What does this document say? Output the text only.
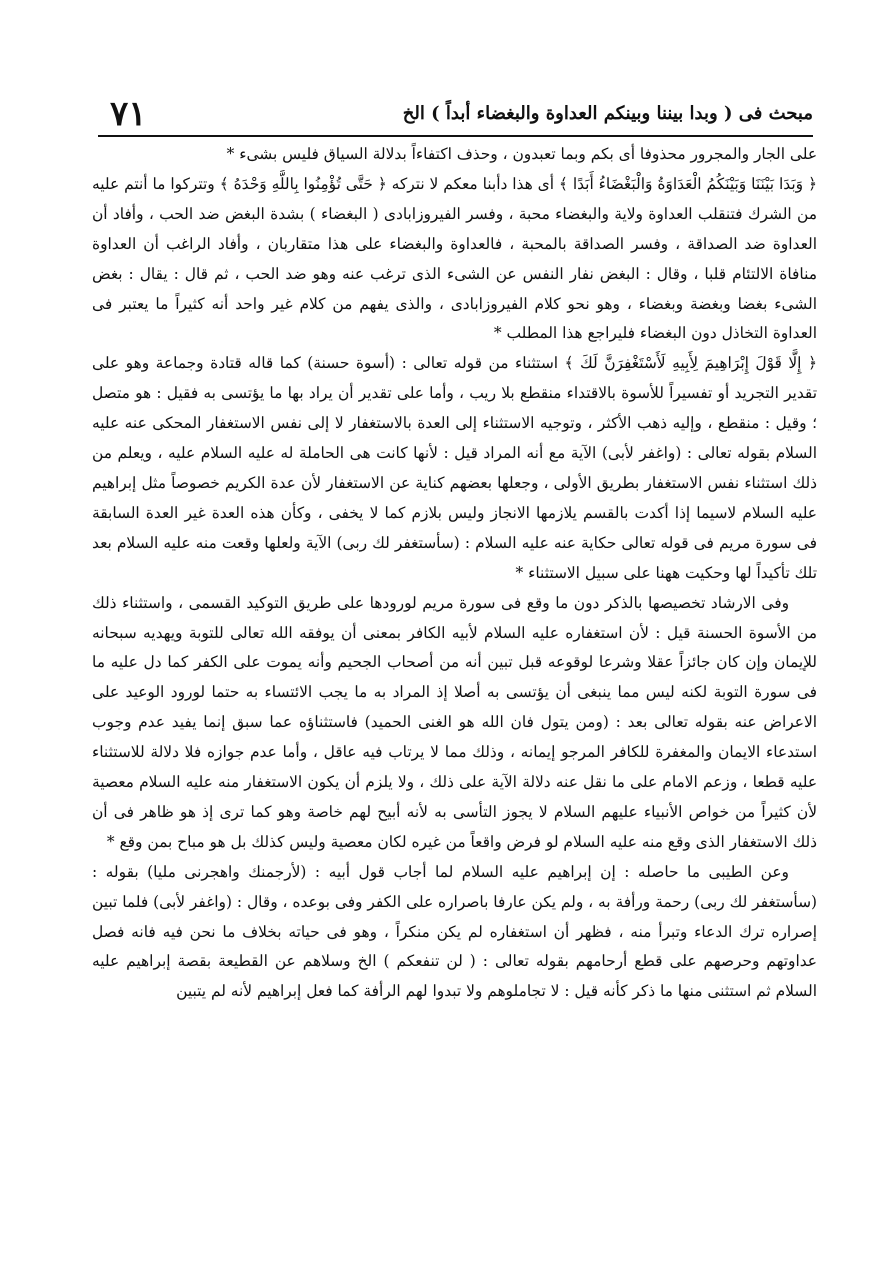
٧١	مبحث فى ( وبدا بيننا وبينكم العداوة والبغضاء أبداً ) الخ

على الجار والمجرور محذوفا أى بكم وبما تعبدون ، وحذف اكتفاءاً بدلالة السياق فليس بشىء *

﴿ وَبَدَا بَيْنَنَا وَبَيْنَكُمُ الْعَدَاوَةُ وَالْبَغْضَاءُ أَبَدًا ﴾ أى هذا دأبنا معكم لا نتركه ﴿ حَتَّى تُؤْمِنُوا بِاللَّهِ وَحْدَهُ ﴾ وتتركوا ما أنتم عليه من الشرك فتنقلب العداوة ولاية والبغضاء محبة ، وفسر الفيروزابادى ( البغضاء ) بشدة البغض ضد الحب ، وأفاد أن العداوة ضد الصداقة ، وفسر الصداقة بالمحبة ، فالعداوة والبغضاء على هذا متقاربان ، وأفاد الراغب أن العداوة منافاة الالتئام قلبا ، وقال : البغض نفار النفس عن الشىء الذى ترغب عنه وهو ضد الحب ، ثم قال : يقال : بغض الشىء بغضا وبغضة وبغضاء ، وهو نحو كلام الفيروزابادى ، والذى يفهم من كلام غير واحد أنه كثيراً ما يعتبر فى العداوة التخاذل دون البغضاء فليراجع هذا المطلب *

﴿ إِلَّا قَوْلَ إِبْرَاهِيمَ لِأَبِيهِ لَأَسْتَغْفِرَنَّ لَكَ ﴾ استثناء من قوله تعالى : (أسوة حسنة) كما قاله قتادة وجماعة وهو على تقدير التجريد أو تفسيراً للأسوة بالاقتداء منقطع بلا ريب ، وأما على تقدير أن يراد بها ما يؤتسى به فقيل : هو متصل ؛ وقيل : منقطع ، وإليه ذهب الأكثر ، وتوجيه الاستثناء إلى العدة بالاستغفار لا إلى نفس الاستغفار المحكى عنه عليه السلام بقوله تعالى : (واغفر لأبى) الآية مع أنه المراد قيل : لأنها كانت هى الحاملة له عليه السلام عليه ، ويعلم من ذلك استثناء نفس الاستغفار بطريق الأولى ، وجعلها بعضهم كناية عن الاستغفار لأن عدة الكريم خصوصاً مثل إبراهيم عليه السلام لاسيما إذا أكدت بالقسم يلازمها الانجاز وليس بلازم كما لا يخفى ، وكأن هذه العدة غير العدة السابقة فى سورة مريم فى قوله تعالى حكاية عنه عليه السلام : (سأستغفر لك ربى) الآية ولعلها وقعت منه عليه السلام بعد تلك تأكيداً لها وحكيت ههنا على سبيل الاستثناء *

وفى الارشاد تخصيصها بالذكر دون ما وقع فى سورة مريم لورودها على طريق التوكيد القسمى ، واستثناء ذلك من الأسوة الحسنة قيل : لأن استغفاره عليه السلام لأبيه الكافر بمعنى أن يوفقه الله تعالى للتوبة ويهديه سبحانه للإيمان وإن كان جائزاً عقلا وشرعا لوقوعه قبل تبين أنه من أصحاب الجحيم وأنه يموت على الكفر كما دل عليه ما فى سورة التوبة لكنه ليس مما ينبغى أن يؤتسى به أصلا إذ المراد به ما يجب الائتساء به حتما لورود الوعيد على الاعراض عنه بقوله تعالى بعد : (ومن يتول فان الله هو الغنى الحميد) فاستثناؤه عما سبق إنما يفيد عدم وجوب استدعاء الايمان والمغفرة للكافر المرجو إيمانه ، وذلك مما لا يرتاب فيه عاقل ، وأما عدم جوازه فلا دلالة للاستثناء عليه قطعا ، وزعم الامام على ما نقل عنه دلالة الآية على ذلك ، ولا يلزم أن يكون الاستغفار منه عليه السلام معصية لأن كثيراً من خواص الأنبياء عليهم السلام لا يجوز التأسى به لأنه أبيح لهم خاصة وهو كما ترى إذ هو ظاهر فى أن ذلك الاستغفار الذى وقع منه عليه السلام لو فرض واقعاً من غيره لكان معصية وليس كذلك بل هو مباح بمن وقع *

وعن الطيبى ما حاصله : إن إبراهيم عليه السلام لما أجاب قول أبيه : (لأرجمنك واهجرنى مليا) بقوله : (سأستغفر لك ربى) رحمة ورأفة به ، ولم يكن عارفا باصراره على الكفر وفى بوعده ، وقال : (واغفر لأبى) فلما تبين إصراره ترك الدعاء وتبرأ منه ، فظهر أن استغفاره لم يكن منكراً ، وهو فى حياته بخلاف ما نحن فيه فانه فصل عداوتهم وحرصهم على قطع أرحامهم بقوله تعالى : ( لن تنفعكم ) الخ وسلاهم عن القطيعة بقصة إبراهيم عليه السلام ثم استثنى منها ما ذكر كأنه قيل : لا تجاملوهم ولا تبدوا لهم الرأفة كما فعل إبراهيم لأنه لم يتبين
